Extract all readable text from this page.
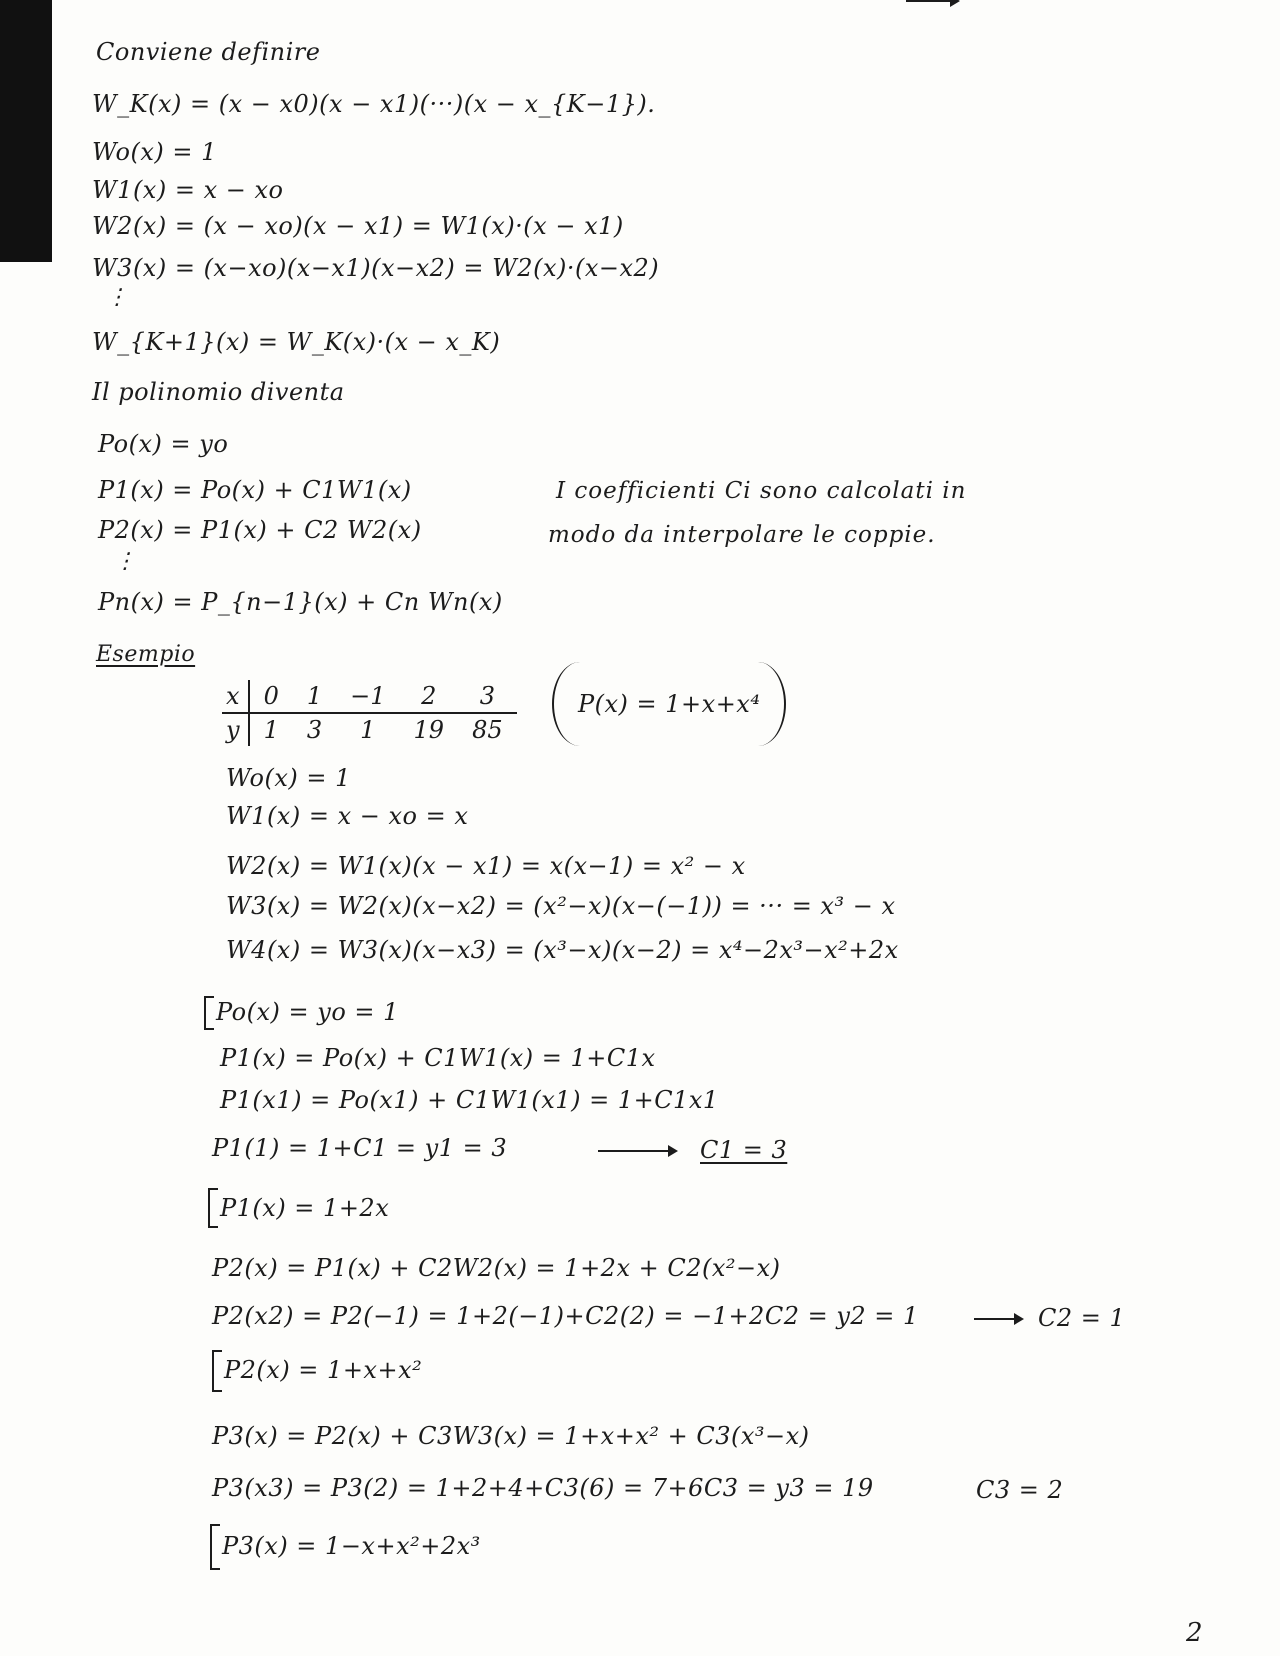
Conviene definire
W_K(x) = (x − x0)(x − x1)(···)(x − x_{K−1}).
Wo(x) = 1
W1(x) = x − xo
W2(x) = (x − xo)(x − x1) = W1(x)·(x − x1)
W3(x) = (x−xo)(x−x1)(x−x2) = W2(x)·(x−x2)
⋮
W_{K+1}(x) = W_K(x)·(x − x_K)
Il polinomio diventa
Po(x) = yo
P1(x) = Po(x) + C1W1(x)
P2(x) = P1(x) + C2 W2(x)
⋮
Pn(x) = P_{n−1}(x) + Cn Wn(x)
I coefficienti Ci sono calcolati in
modo da interpolare le coppie.
Esempio
x	0	1	−1	2	3
y	1	3	1	19	85
P(x) = 1+x+x⁴
Wo(x) = 1
W1(x) = x − xo = x
W2(x) = W1(x)(x − x1) = x(x−1) = x² − x
W3(x) = W2(x)(x−x2) = (x²−x)(x−(−1)) = ··· = x³ − x
W4(x) = W3(x)(x−x3) = (x³−x)(x−2) = x⁴−2x³−x²+2x
Po(x) = yo = 1
P1(x) = Po(x) + C1W1(x) = 1+C1x
P1(x1) = Po(x1) + C1W1(x1) = 1+C1x1
P1(1) = 1+C1 = y1 = 3	C1 = 3
P1(x) = 1+2x
P2(x) = P1(x) + C2W2(x) = 1+2x + C2(x²−x)
P2(x2) = P2(−1) = 1+2(−1)+C2(2) = −1+2C2 = y2 = 1	C2 = 1
P2(x) = 1+x+x²
P3(x) = P2(x) + C3W3(x) = 1+x+x² + C3(x³−x)
P3(x3) = P3(2) = 1+2+4+C3(6) = 7+6C3 = y3 = 19	C3 = 2
P3(x) = 1−x+x²+2x³
2
